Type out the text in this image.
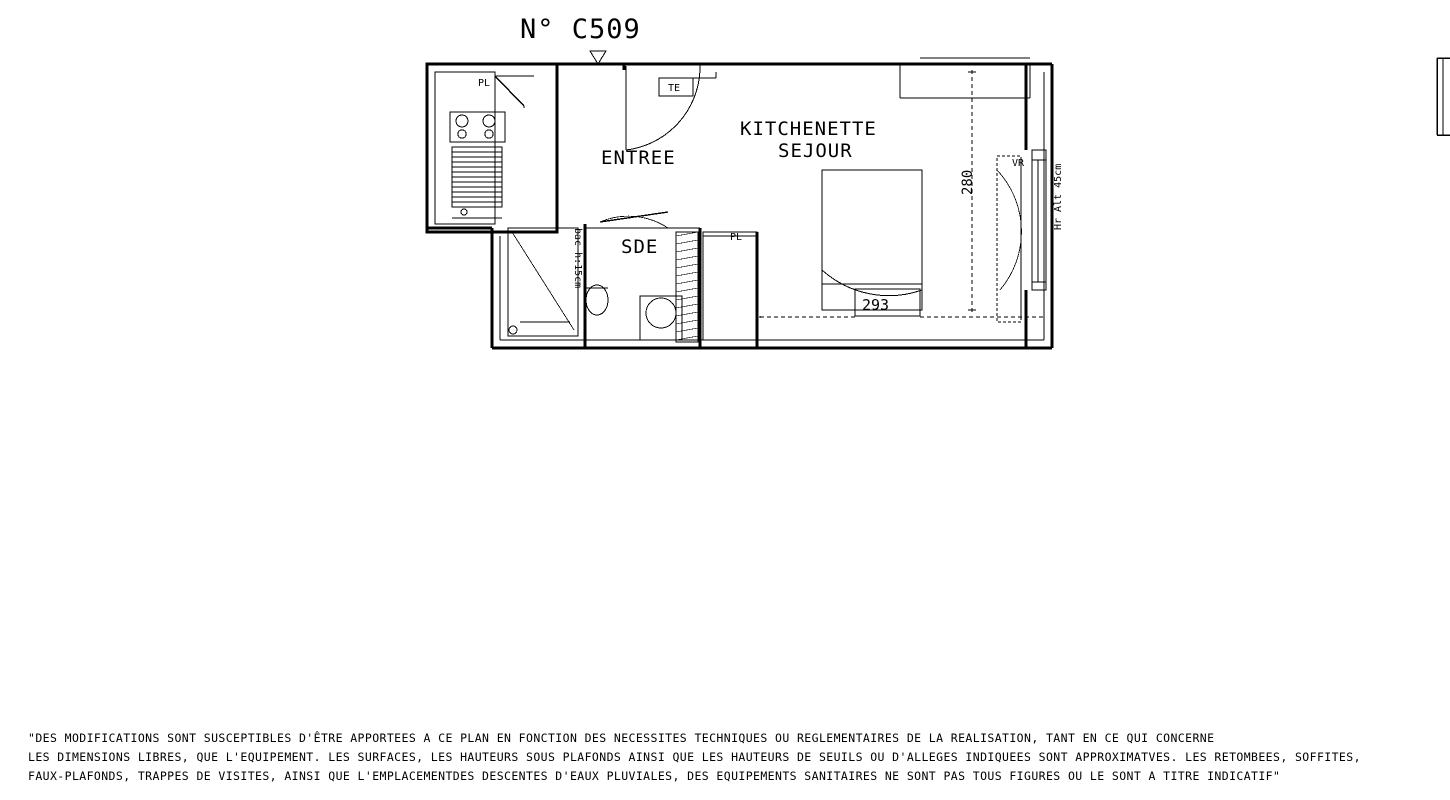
N° C509
ENTREE
KITCHENETTE
SEJOUR
SDE
PL	TE
PL
VR
bac h:15cm
Hr Alt 45cm
280
293
"DES MODIFICATIONS SONT SUSCEPTIBLES D'ÊTRE APPORTEES A CE PLAN EN FONCTION DES NECESSITES TECHNIQUES OU REGLEMENTAIRES DE LA REALISATION, TANT EN CE QUI CONCERNE
LES DIMENSIONS LIBRES, QUE L'EQUIPEMENT. LES SURFACES, LES HAUTEURS SOUS PLAFONDS AINSI QUE LES HAUTEURS DE SEUILS OU D'ALLEGES INDIQUEES SONT APPROXIMATVES. LES RETOMBEES, SOFFITES,
FAUX-PLAFONDS, TRAPPES DE VISITES, AINSI QUE L'EMPLACEMENTDES DESCENTES D'EAUX PLUVIALES, DES EQUIPEMENTS SANITAIRES NE SONT PAS TOUS FIGURES OU LE SONT A TITRE INDICATIF"
